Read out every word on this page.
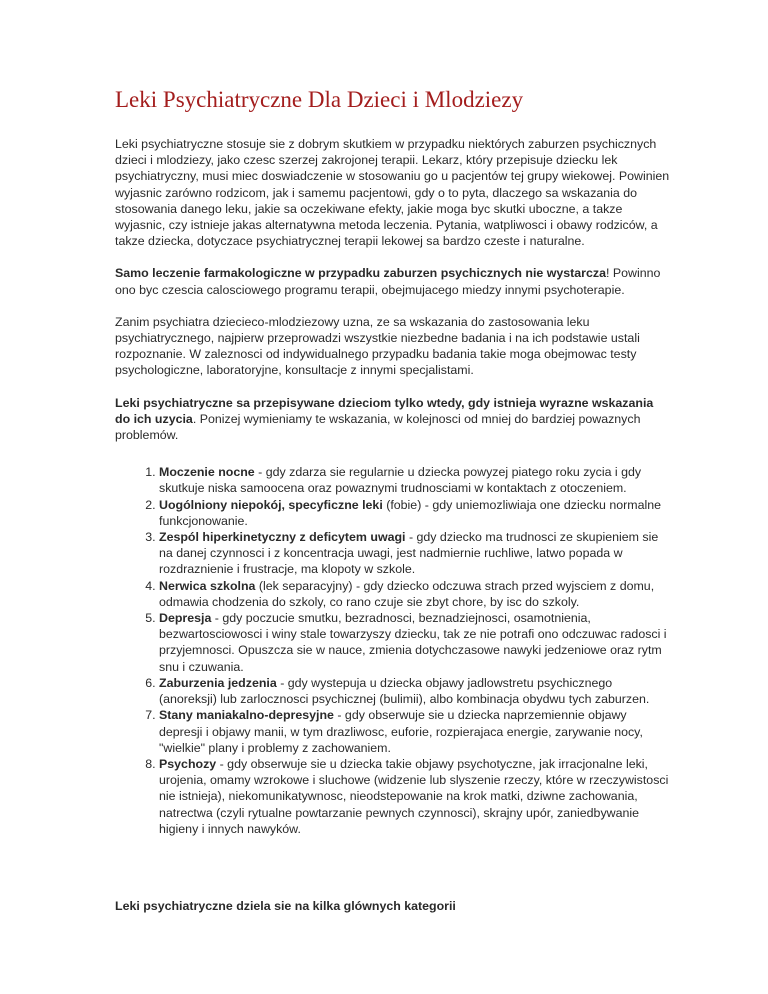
Leki Psychiatryczne Dla Dzieci i Mlodziezy

Leki psychiatryczne stosuje sie z dobrym skutkiem w przypadku niektórych zaburzen psychicznych dzieci i mlodziezy, jako czesc szerzej zakrojonej terapii. Lekarz, który przepisuje dziecku lek psychiatryczny, musi miec doswiadczenie w stosowaniu go u pacjentów tej grupy wiekowej. Powinien wyjasnic zarówno rodzicom, jak i samemu pacjentowi, gdy o to pyta, dlaczego sa wskazania do stosowania danego leku, jakie sa oczekiwane efekty, jakie moga byc skutki uboczne, a takze wyjasnic, czy istnieje jakas alternatywna metoda leczenia. Pytania, watpliwosci i obawy rodziców, a takze dziecka, dotyczace psychiatrycznej terapii lekowej sa bardzo czeste i naturalne.

Samo leczenie farmakologiczne w przypadku zaburzen psychicznych nie wystarcza! Powinno ono byc czescia calosciowego programu terapii, obejmujacego miedzy innymi psychoterapie.

Zanim psychiatra dzieciecо-mlodziezowy uzna, ze sa wskazania do zastosowania leku psychiatrycznego, najpierw przeprowadzi wszystkie niezbedne badania i na ich podstawie ustali rozpoznanie. W zaleznosci od indywidualnego przypadku badania takie moga obejmowac testy psychologiczne, laboratoryjne, konsultacje z innymi specjalistami.

Leki psychiatryczne sa przepisywane dzieciom tylko wtedy, gdy istnieja wyrazne wskazania do ich uzycia. Ponizej wymieniamy te wskazania, w kolejnosci od mniej do bardziej powaznych problemów.

1. Moczenie nocne - gdy zdarza sie regularnie u dziecka powyzej piatego roku zycia i gdy skutkuje niska samoocena oraz powaznymi trudnosciami w kontaktach z otoczeniem.
2. Uogólniony niepokój, specyficzne leki (fobie) - gdy uniemozliwiaja one dziecku normalne funkcjonowanie.
3. Zespól hiperkinetyczny z deficytem uwagi - gdy dziecko ma trudnosci ze skupieniem sie na danej czynnosci i z koncentracja uwagi, jest nadmiernie ruchliwe, latwo popada w rozdraznienie i frustracje, ma klopoty w szkole.
4. Nerwica szkolna (lek separacyjny) - gdy dziecko odczuwa strach przed wyjsciem z domu, odmawia chodzenia do szkoly, co rano czuje sie zbyt chore, by isc do szkoly.
5. Depresja - gdy poczucie smutku, bezradnosci, beznadziejnosci, osamotnienia, bezwartosciowosci i winy stale towarzyszy dziecku, tak ze nie potrafi ono odczuwac radosci i przyjemnosci. Opuszcza sie w nauce, zmienia dotychczasowe nawyki jedzeniowe oraz rytm snu i czuwania.
6. Zaburzenia jedzenia - gdy wystepuja u dziecka objawy jadlowstretu psychicznego (anoreksji) lub zarlocznosci psychicznej (bulimii), albo kombinacja obydwu tych zaburzen.
7. Stany maniakalno-depresyjne - gdy obserwuje sie u dziecka naprzemiennie objawy depresji i objawy manii, w tym drazliwosc, euforie, rozpierajaca energie, zarywanie nocy, "wielkie" plany i problemy z zachowaniem.
8. Psychozy - gdy obserwuje sie u dziecka takie objawy psychotyczne, jak irracjonalne leki, urojenia, omamy wzrokowe i sluchowe (widzenie lub slyszenie rzeczy, które w rzeczywistosci nie istnieja), niekomunikatywnosc, nieodstepowanie na krok matki, dziwne zachowania, natrectwa (czyli rytualne powtarzanie pewnych czynnosci), skrajny upór, zaniedbywanie higieny i innych nawyków.

Leki psychiatryczne dziela sie na kilka glównych kategorii
